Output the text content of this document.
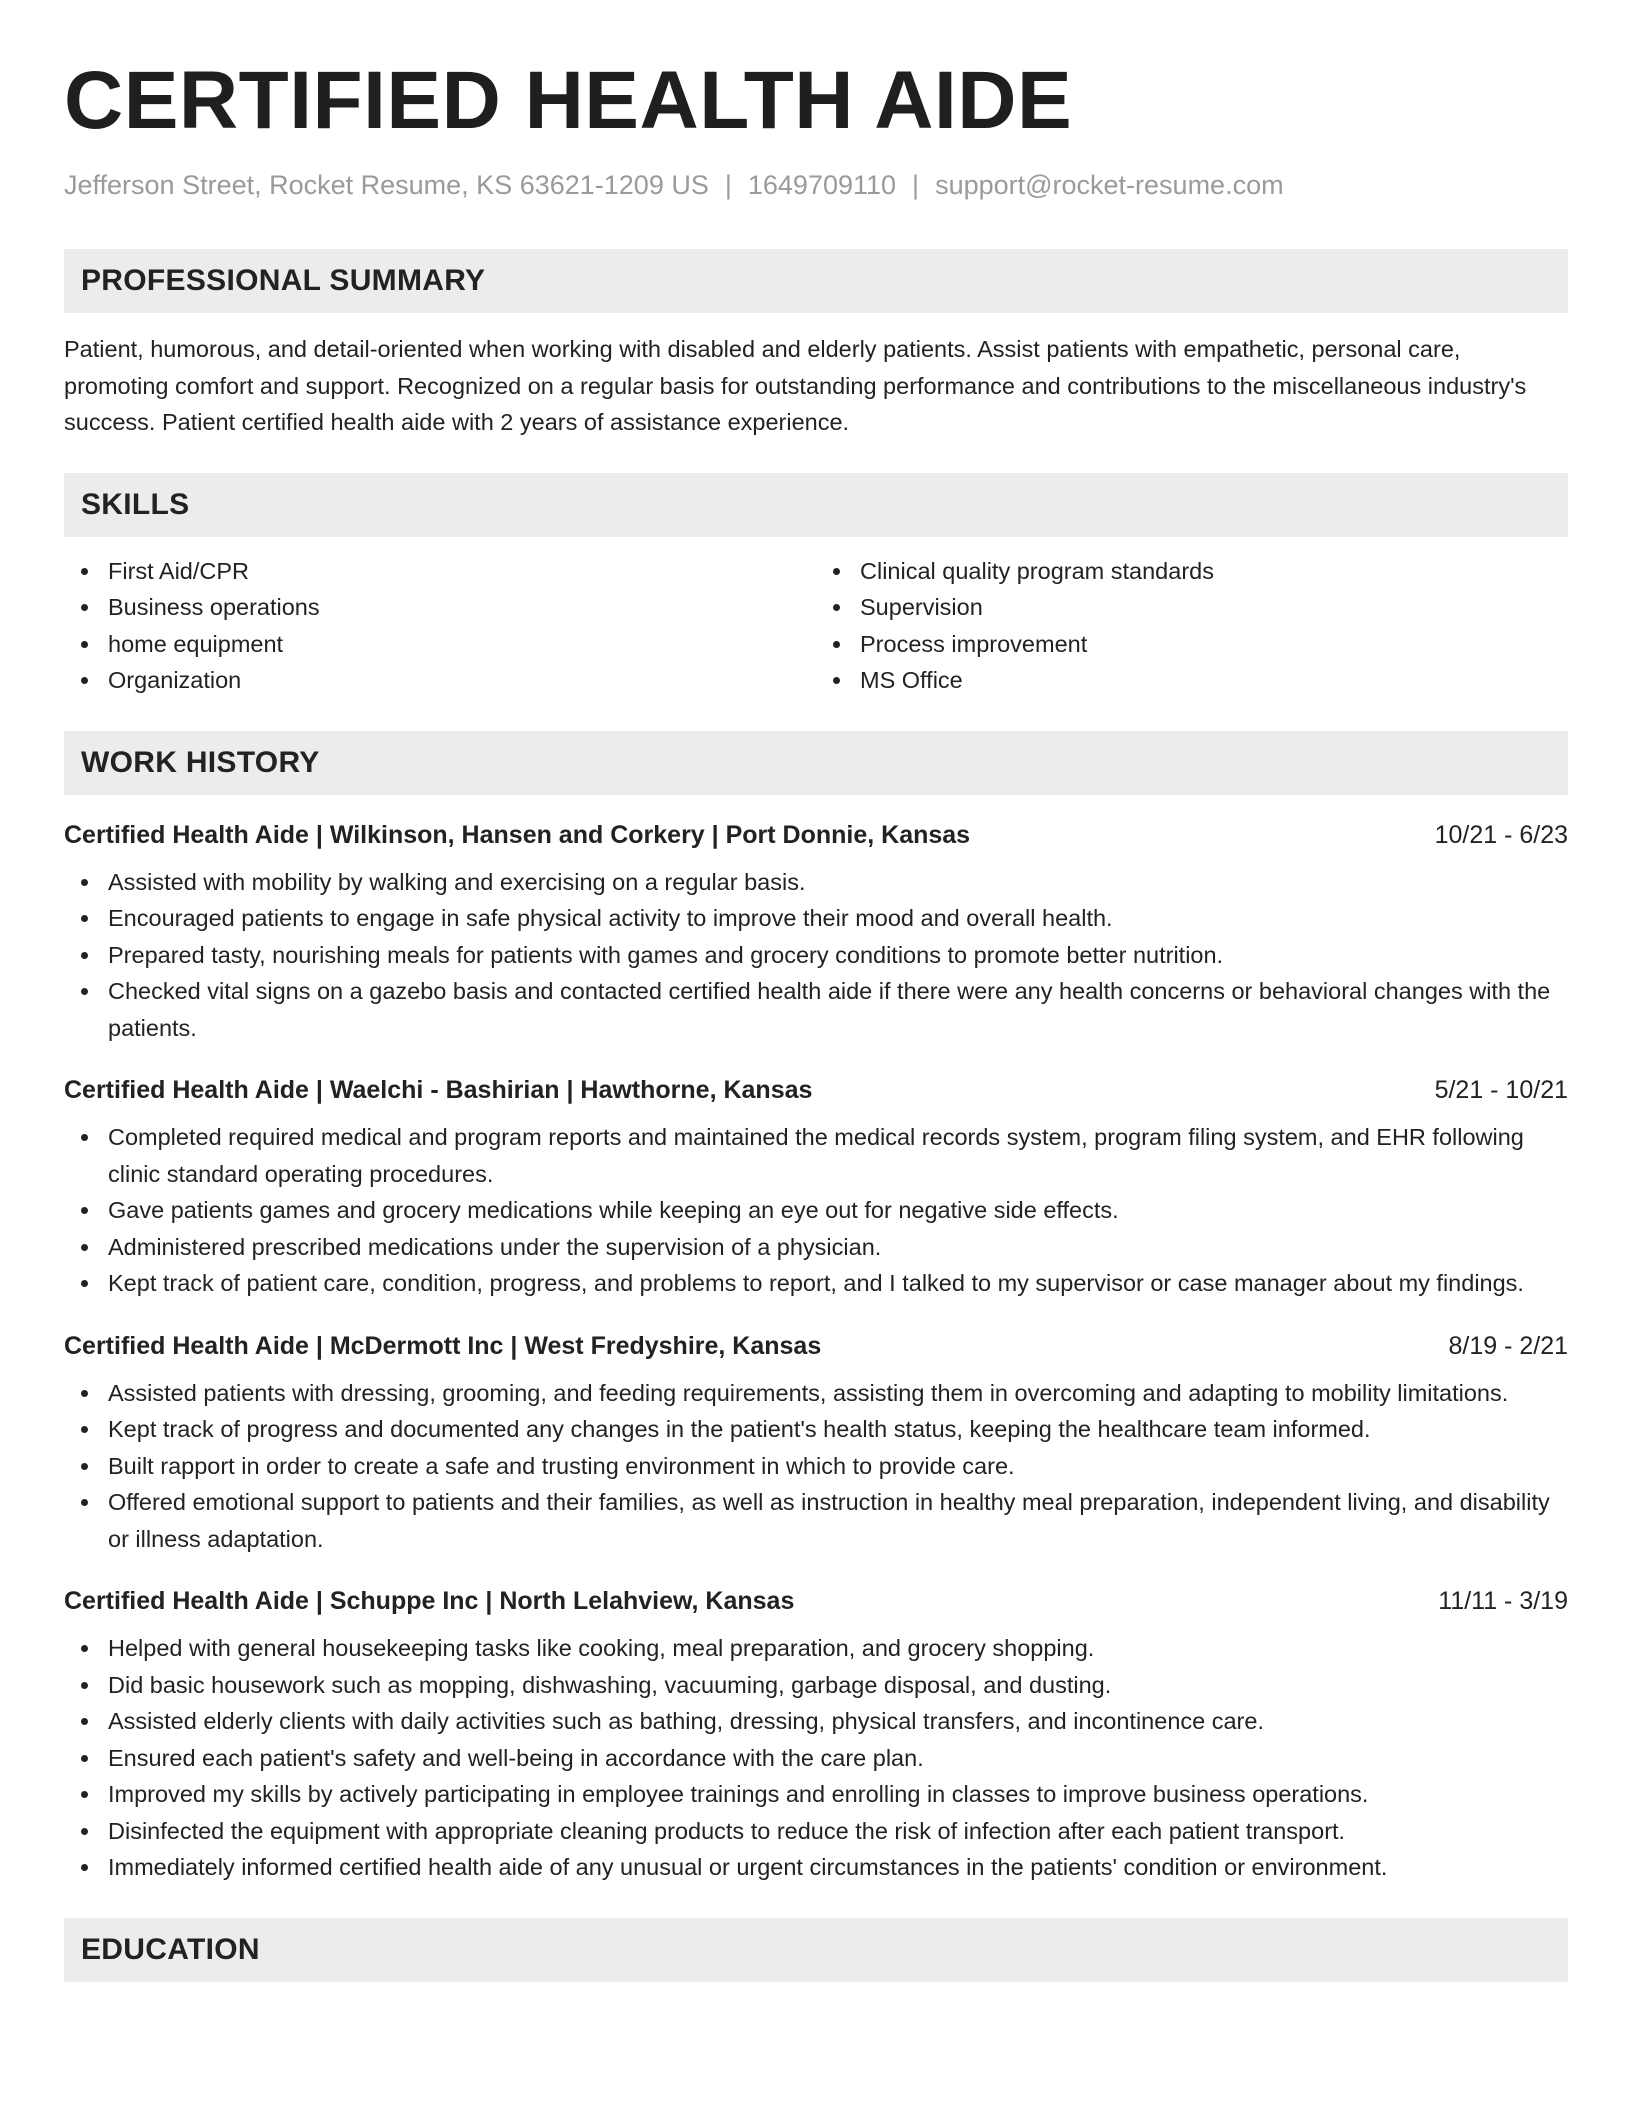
CERTIFIED HEALTH AIDE
Jefferson Street, Rocket Resume, KS 63621-1209 US | 1649709110 | support@rocket-resume.com
PROFESSIONAL SUMMARY
Patient, humorous, and detail-oriented when working with disabled and elderly patients. Assist patients with empathetic, personal care, promoting comfort and support. Recognized on a regular basis for outstanding performance and contributions to the miscellaneous industry's success. Patient certified health aide with 2 years of assistance experience.
SKILLS
First Aid/CPR
Business operations
home equipment
Organization
Clinical quality program standards
Supervision
Process improvement
MS Office
WORK HISTORY
Certified Health Aide | Wilkinson, Hansen and Corkery | Port Donnie, Kansas	10/21 - 6/23
Assisted with mobility by walking and exercising on a regular basis.
Encouraged patients to engage in safe physical activity to improve their mood and overall health.
Prepared tasty, nourishing meals for patients with games and grocery conditions to promote better nutrition.
Checked vital signs on a gazebo basis and contacted certified health aide if there were any health concerns or behavioral changes with the patients.
Certified Health Aide | Waelchi - Bashirian | Hawthorne, Kansas	5/21 - 10/21
Completed required medical and program reports and maintained the medical records system, program filing system, and EHR following clinic standard operating procedures.
Gave patients games and grocery medications while keeping an eye out for negative side effects.
Administered prescribed medications under the supervision of a physician.
Kept track of patient care, condition, progress, and problems to report, and I talked to my supervisor or case manager about my findings.
Certified Health Aide | McDermott Inc | West Fredyshire, Kansas	8/19 - 2/21
Assisted patients with dressing, grooming, and feeding requirements, assisting them in overcoming and adapting to mobility limitations.
Kept track of progress and documented any changes in the patient's health status, keeping the healthcare team informed.
Built rapport in order to create a safe and trusting environment in which to provide care.
Offered emotional support to patients and their families, as well as instruction in healthy meal preparation, independent living, and disability or illness adaptation.
Certified Health Aide | Schuppe Inc | North Lelahview, Kansas	11/11 - 3/19
Helped with general housekeeping tasks like cooking, meal preparation, and grocery shopping.
Did basic housework such as mopping, dishwashing, vacuuming, garbage disposal, and dusting.
Assisted elderly clients with daily activities such as bathing, dressing, physical transfers, and incontinence care.
Ensured each patient's safety and well-being in accordance with the care plan.
Improved my skills by actively participating in employee trainings and enrolling in classes to improve business operations.
Disinfected the equipment with appropriate cleaning products to reduce the risk of infection after each patient transport.
Immediately informed certified health aide of any unusual or urgent circumstances in the patients' condition or environment.
EDUCATION
